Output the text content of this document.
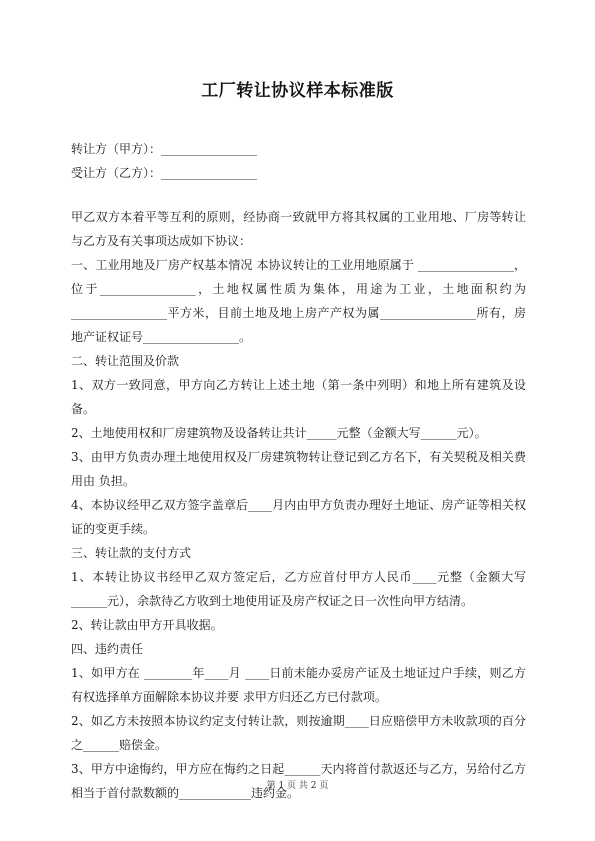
工厂转让协议样本标准版
转让方（甲方）：________________
受让方（乙方）：________________

甲乙双方本着平等互利的原则，经协商一致就甲方将其权属的工业用地、厂房等转让与乙方及有关事项达成如下协议：

一、工业用地及厂房产权基本情况 本协议转让的工业用地原属于 ________________，位于________________，土地权属性质为集体，用途为工业，土地面积约为________________平方米，目前土地及地上房产产权为属________________所有，房地产证权证号________________。

二、转让范围及价款

1、双方一致同意，甲方向乙方转让上述土地（第一条中列明）和地上所有建筑及设备。

2、土地使用权和厂房建筑物及设备转让共计_____元整（金额大写______元）。

3、由甲方负责办理土地使用权及厂房建筑物转让登记到乙方名下，有关契税及相关费用由 负担。

4、本协议经甲乙双方签字盖章后____月内由甲方负责办理好土地证、房产证等相关权证的变更手续。

三、转让款的支付方式

1、本转让协议书经甲乙双方签定后，乙方应首付甲方人民币____元整（金额大写______元），余款待乙方收到土地使用证及房产权证之日一次性向甲方结清。

2、转让款由甲方开具收据。

四、违约责任

1、如甲方在 ________年____月 ____日前未能办妥房产证及土地证过户手续，则乙方有权选择单方面解除本协议并要 求甲方归还乙方已付款项。

2、如乙方未按照本协议约定支付转让款，则按逾期____日应赔偿甲方未收款项的百分之______赔偿金。

3、甲方中途悔约，甲方应在悔约之日起______天内将首付款返还与乙方，另给付乙方相当于首付款数额的____________违约金。

第 1 页 共 2 页
